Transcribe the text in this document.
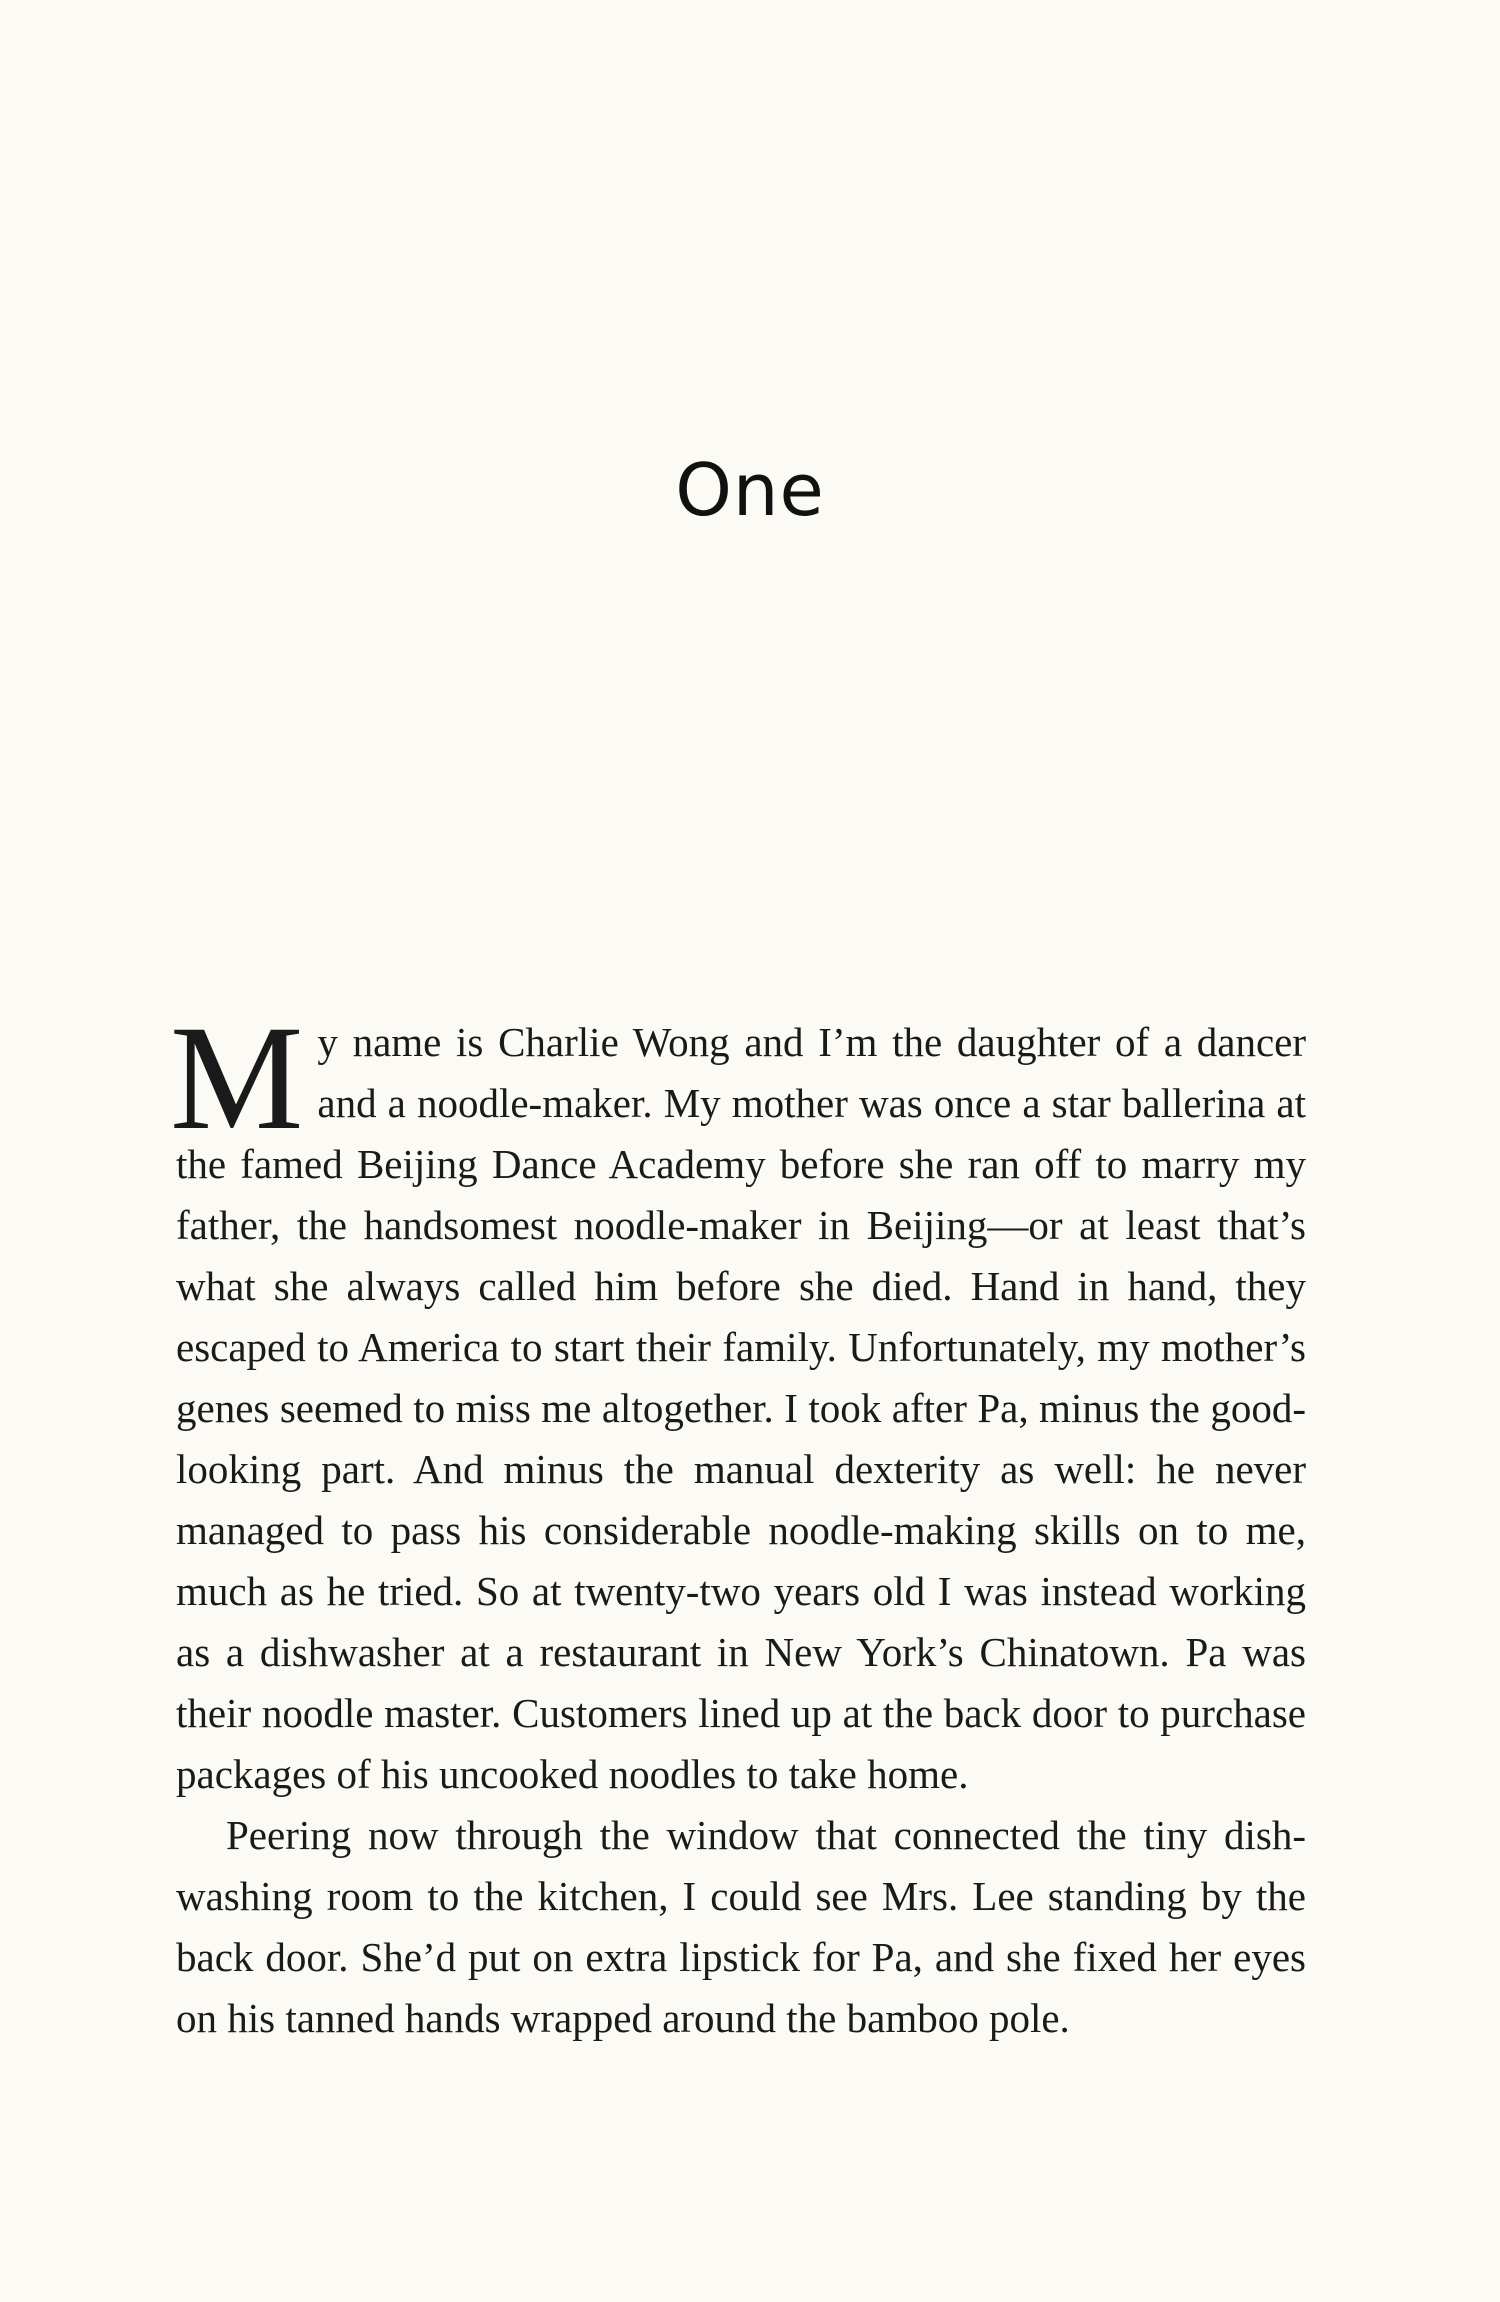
One

My name is Charlie Wong and I’m the daughter of a dancer and a noodle-maker. My mother was once a star ballerina at the famed Beijing Dance Academy before she ran off to marry my father, the handsomest noodle-maker in Beijing—or at least that’s what she always called him before she died. Hand in hand, they escaped to America to start their family. Unfortunately, my mother’s genes seemed to miss me altogether. I took after Pa, minus the good-looking part. And minus the manual dexterity as well: he never managed to pass his considerable noodle-making skills on to me, much as he tried. So at twenty-two years old I was instead working as a dishwasher at a restaurant in New York’s Chinatown. Pa was their noodle master. Customers lined up at the back door to purchase packages of his uncooked noodles to take home.

Peering now through the window that connected the tiny dishwashing room to the kitchen, I could see Mrs. Lee standing by the back door. She’d put on extra lipstick for Pa, and she fixed her eyes on his tanned hands wrapped around the bamboo pole.
